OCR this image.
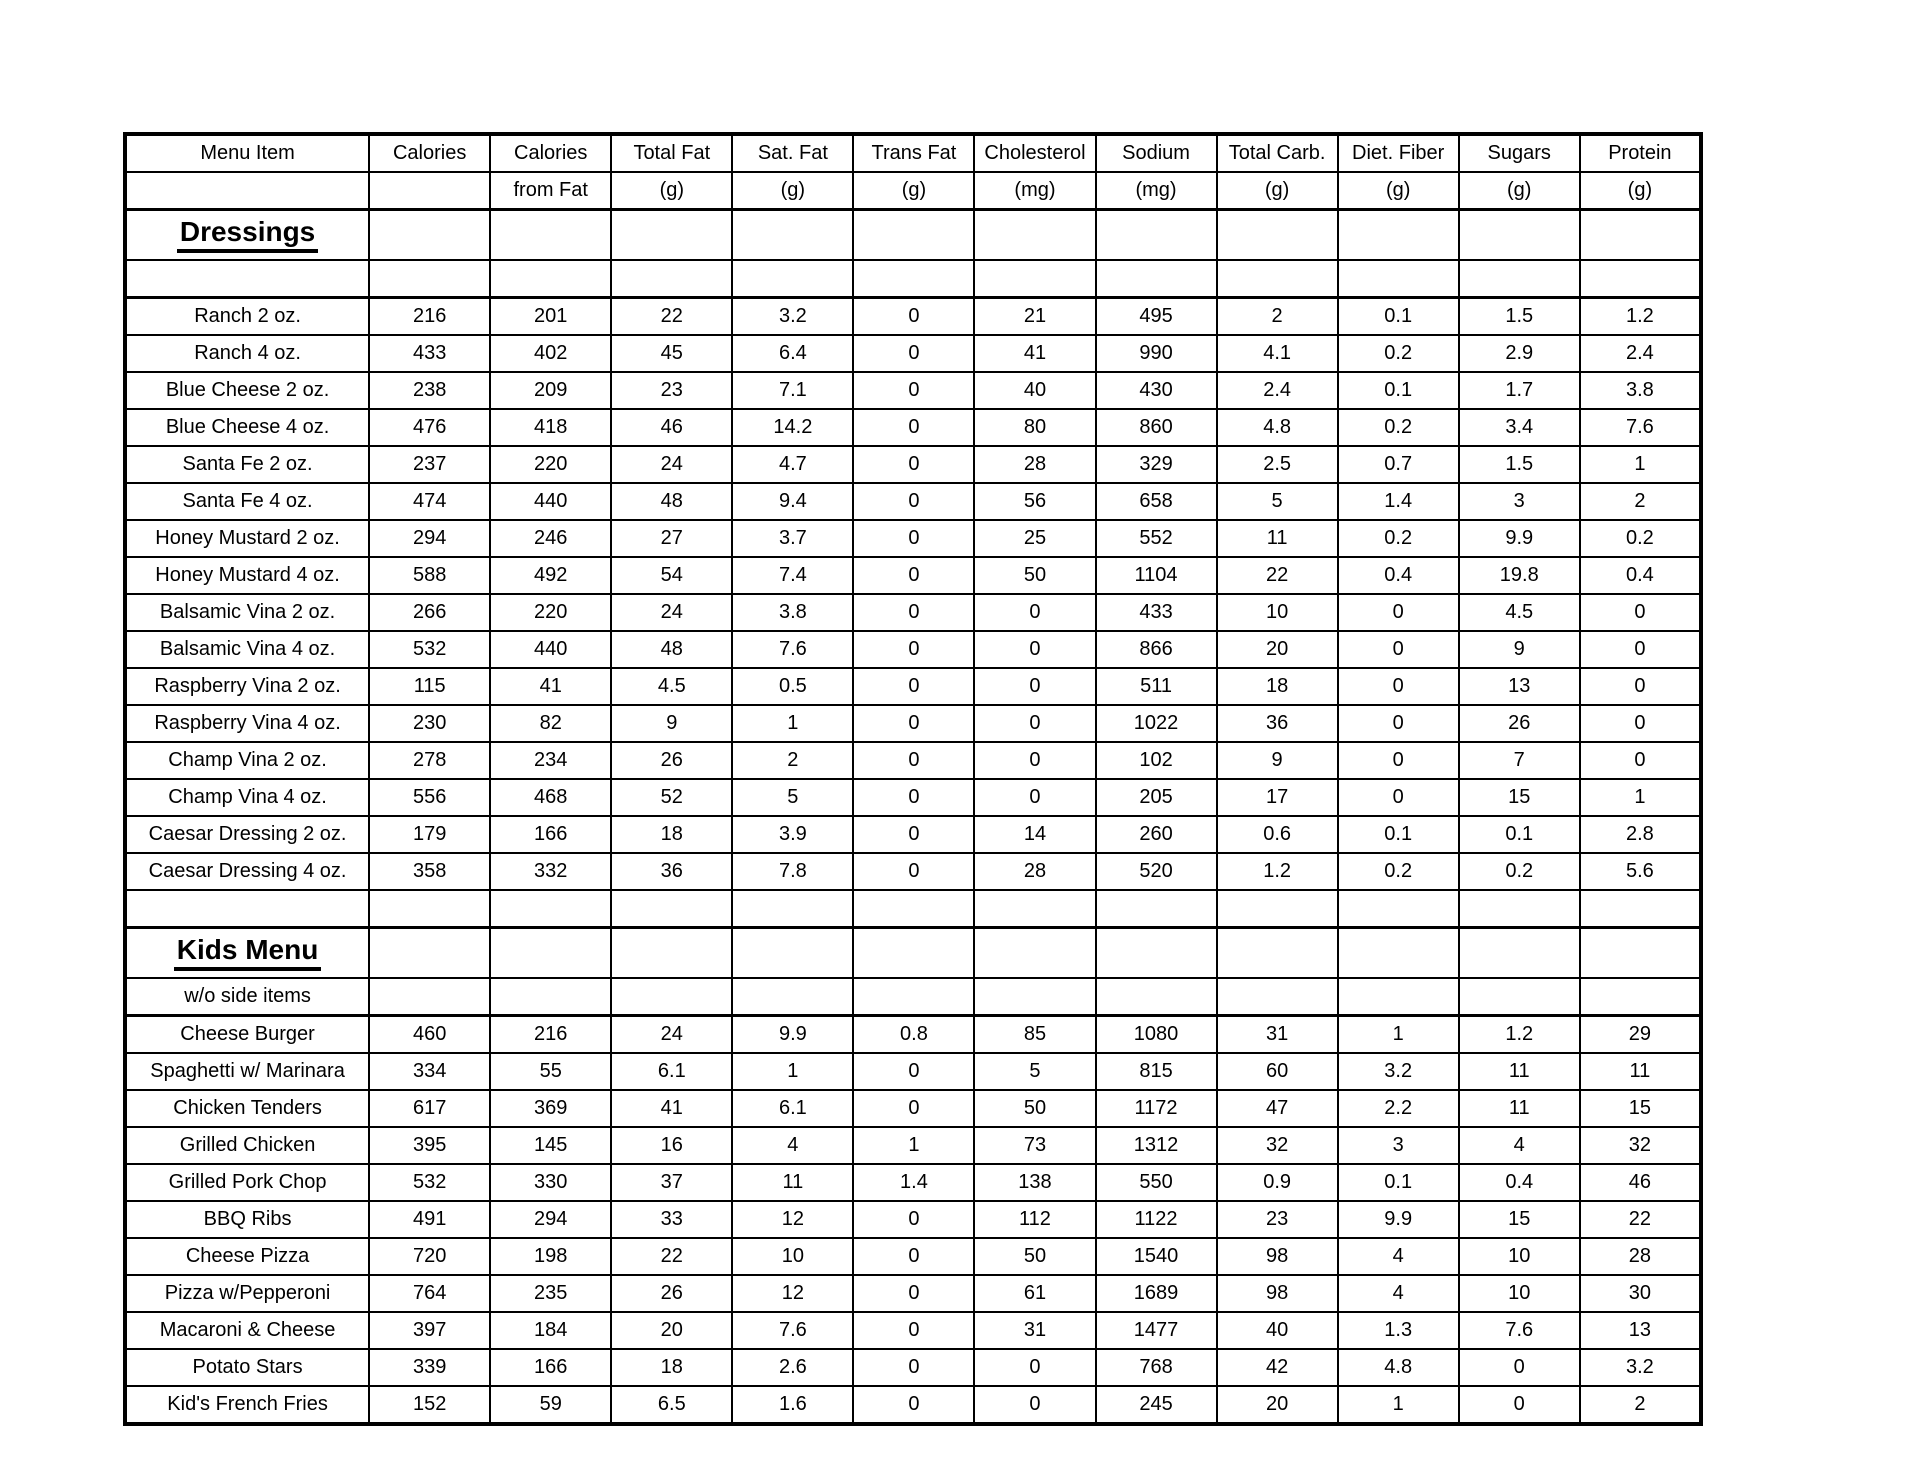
Menu Item	Calories	Calories	Total Fat	Sat. Fat	Trans Fat	Cholesterol	Sodium	Total Carb.	Diet. Fiber	Sugars	Protein
		from Fat	(g)	(g)	(g)	(mg)	(mg)	(g)	(g)	(g)	(g)
Dressings											

Ranch 2 oz.	216	201	22	3.2	0	21	495	2	0.1	1.5	1.2
Ranch 4 oz.	433	402	45	6.4	0	41	990	4.1	0.2	2.9	2.4
Blue Cheese 2 oz.	238	209	23	7.1	0	40	430	2.4	0.1	1.7	3.8
Blue Cheese 4 oz.	476	418	46	14.2	0	80	860	4.8	0.2	3.4	7.6
Santa Fe 2 oz.	237	220	24	4.7	0	28	329	2.5	0.7	1.5	1
Santa Fe 4 oz.	474	440	48	9.4	0	56	658	5	1.4	3	2
Honey Mustard 2 oz.	294	246	27	3.7	0	25	552	11	0.2	9.9	0.2
Honey Mustard 4 oz.	588	492	54	7.4	0	50	1104	22	0.4	19.8	0.4
Balsamic Vina 2 oz.	266	220	24	3.8	0	0	433	10	0	4.5	0
Balsamic Vina 4 oz.	532	440	48	7.6	0	0	866	20	0	9	0
Raspberry Vina 2 oz.	115	41	4.5	0.5	0	0	511	18	0	13	0
Raspberry Vina 4 oz.	230	82	9	1	0	0	1022	36	0	26	0
Champ Vina 2 oz.	278	234	26	2	0	0	102	9	0	7	0
Champ Vina 4 oz.	556	468	52	5	0	0	205	17	0	15	1
Caesar Dressing 2 oz.	179	166	18	3.9	0	14	260	0.6	0.1	0.1	2.8
Caesar Dressing 4 oz.	358	332	36	7.8	0	28	520	1.2	0.2	0.2	5.6

Kids Menu											
w/o side items											
Cheese Burger	460	216	24	9.9	0.8	85	1080	31	1	1.2	29
Spaghetti w/ Marinara	334	55	6.1	1	0	5	815	60	3.2	11	11
Chicken Tenders	617	369	41	6.1	0	50	1172	47	2.2	11	15
Grilled Chicken	395	145	16	4	1	73	1312	32	3	4	32
Grilled Pork Chop	532	330	37	11	1.4	138	550	0.9	0.1	0.4	46
BBQ Ribs	491	294	33	12	0	112	1122	23	9.9	15	22
Cheese Pizza	720	198	22	10	0	50	1540	98	4	10	28
Pizza w/Pepperoni	764	235	26	12	0	61	1689	98	4	10	30
Macaroni & Cheese	397	184	20	7.6	0	31	1477	40	1.3	7.6	13
Potato Stars	339	166	18	2.6	0	0	768	42	4.8	0	3.2
Kid's French Fries	152	59	6.5	1.6	0	0	245	20	1	0	2
